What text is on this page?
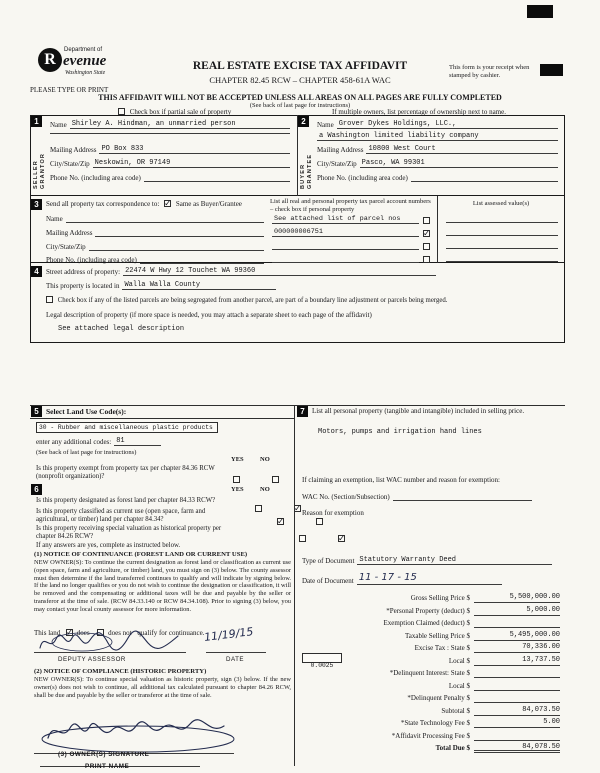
R
Department of
evenue
Washington State
REAL ESTATE EXCISE TAX AFFIDAVIT
CHAPTER 82.45 RCW – CHAPTER 458-61A WAC
This form is your receipt when stamped by cashier.
PLEASE TYPE OR PRINT
THIS AFFIDAVIT WILL NOT BE ACCEPTED UNLESS ALL AREAS ON ALL PAGES ARE FULLY COMPLETED
(See back of last page for instructions)
Check box if partial sale of property	If multiple owners, list percentage of ownership next to name.
1
SELLER GRANTOR
Name Shirley A. Hindman, an unmarried person
Mailing Address PO Box 833
City/State/Zip Neskowin, OR 97149
Phone No. (including area code)
2
BUYER GRANTEE
Name Grover Dykes Holdings, LLC.,
a Washington limited liability company
Mailing Address 10800 West Court
City/State/Zip Pasco, WA 99301
Phone No. (including area code)
3	Send all property tax correspondence to: ✓ Same as Buyer/Grantee
Name
Mailing Address
City/State/Zip
Phone No. (including area code)
List all real and personal property tax parcel account numbers – check box if personal property
See attached list of parcel nos
000000006751
✓
List assessed value(s)
4	Street address of property: 22474 W Hwy 12 Touchet WA 99360
This property is located in Walla Walla County
Check box if any of the listed parcels are being segregated from another parcel, are part of a boundary line adjustment or parcels being merged.
Legal description of property (if more space is needed, you may attach a separate sheet to each page of the affidavit)
See attached legal description
5 Select Land Use Code(s):
30 - Rubber and miscellaneous plastic products
enter any additional codes: 81
(See back of last page for instructions)
YES	NO
Is this property exempt from property tax per chapter 84.36 RCW (nonprofit organization)?

6	YES	NO
Is this property designated as forest land per chapter 84.33 RCW?
✓
Is this property classified as current use (open space, farm and agricultural, or timber) land per chapter 84.34?
✓
Is this property receiving special valuation as historical property per chapter 84.26 RCW?
✓
If any answers are yes, complete as instructed below.
(1) NOTICE OF CONTINUANCE (FOREST LAND OR CURRENT USE)
NEW OWNER(S): To continue the current designation as forest land or classification as current use (open space, farm and agriculture, or timber) land, you must sign on (3) below. The county assessor must then determine if the land transferred continues to qualify and will indicate by signing below. If the land no longer qualifies or you do not wish to continue the designation or classification, it will be removed and the compensating or additional taxes will be due and payable by the seller or transferor at the time of sale. (RCW 84.33.140 or RCW 84.34.108). Prior to signing (3) below, you may contact your local county assessor for more information.
This land ✓ does	does not qualify for continuance.
DEPUTY ASSESSOR
11/19/15
DATE
(2) NOTICE OF COMPLIANCE (HISTORIC PROPERTY)
NEW OWNER(S): To continue special valuation as historic property, sign (3) below. If the new owner(s) does not wish to continue, all additional tax calculated pursuant to chapter 84.26 RCW, shall be due and payable by the seller or transferor at the time of sale.
(3) OWNER(S) SIGNATURE
PRINT NAME
7	List all personal property (tangible and intangible) included in selling price.
Motors, pumps and irrigation hand lines
If claiming an exemption, list WAC number and reason for exemption:
WAC No. (Section/Subsection)
Reason for exemption
Type of Document Statutory Warranty Deed
Date of Document 11 - 17 - 15
Gross Selling Price $	5,500,000.00
*Personal Property (deduct) $	5,000.00
Exemption Claimed (deduct) $
Taxable Selling Price $	5,495,000.00
Excise Tax : State $	70,336.00
0.0025
Local $	13,737.50
*Delinquent Interest: State $
Local $
*Delinquent Penalty $
Subtotal $	84,073.50
*State Technology Fee $	5.00
*Affidavit Processing Fee $
Total Due $	84,078.50
